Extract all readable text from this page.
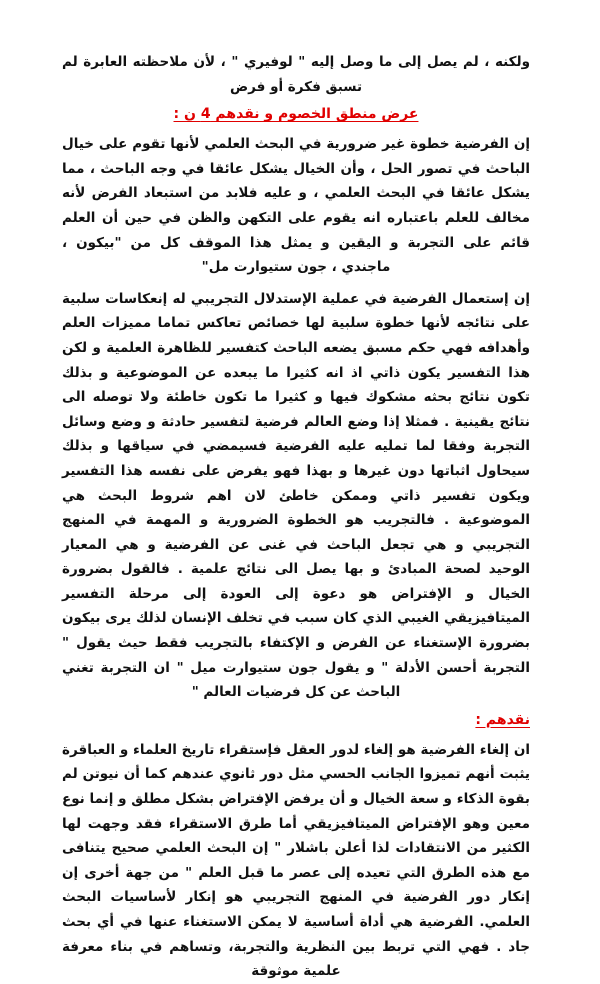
ولكنه ، لم يصل إلى ما وصل إليه " لوفيري " ، لأن ملاحظته العابرة لم تسبق فكرة أو فرض

عرض منطق الخصوم و نقدهم 4 ن :

إن الفرضية خطوة غير ضرورية في البحث العلمي لأنها تقوم على خيال الباحث في تصور الحل ، وأن الخيال يشكل عائقا في وجه الباحث ، مما يشكل عائقا في البحث العلمي ، و عليه فلابد من استبعاد الفرض لأنه مخالف للعلم باعتباره انه يقوم على التكهن والظن في حين أن العلم قائم على التجربة و اليقين و يمثل هذا الموقف كل من "بيكون ، ماجندي ، جون ستيوارت مل"

إن إستعمال الفرضية في عملية الإستدلال التجريبي له إنعكاسات سلبية على نتائجه لأنها خطوة سلبية لها خصائص تعاكس تماما مميزات العلم وأهدافه فهي حكم مسبق يضعه الباحث كتفسير للظاهرة العلمية و لكن هذا التفسير يكون ذاتي اذ انه كثيرا ما يبعده عن الموضوعية و بذلك تكون نتائج بحثه مشكوك فيها و كثيرا ما تكون خاطئة ولا توصله الى نتائج يقينية . فمثلا إذا وضع العالم فرضية لتفسير حادثة و وضع وسائل التجربة وفقا لما تمليه عليه الفرضية فسيمضي في سياقها و بذلك سيحاول اثباتها دون غيرها و بهذا فهو يفرض على نفسه هذا التفسير ويكون تفسير ذاتي وممكن خاطئ لان اهم شروط البحث هي الموضوعية . فالتجريب هو الخطوة الضرورية و المهمة في المنهج التجريبي و هي تجعل الباحث في غنى عن الفرضية و هي المعيار الوحيد لصحة المبادئ و بها يصل الى نتائج علمية . فالقول بضرورة الخيال و الإفتراض هو دعوة إلى العودة إلى مرحلة التفسير الميتافيزيقي الغيبي الذي كان سبب في تخلف الإنسان لذلك يرى بيكون بضرورة الإستغناء عن الفرض و الإكتفاء بالتجريب فقط حيث يقول " التجربة أحسن الأدلة " و يقول جون ستيوارت ميل " ان التجربة تغني الباحث عن كل فرضيات العالم "

نقدهم :

ان إلغاء الفرضية هو إلغاء لدور العقل فإستقراء تاريخ العلماء و العباقرة يثبت أنهم تميزوا الجانب الحسي مثل دور ثانوي عندهم كما أن نيوتن لم بقوة الذكاء و سعة الخيال و أن يرفض الإفتراض بشكل مطلق و إنما نوع معين وهو الإفتراض الميتافيزيقي أما طرق الاستقراء فقد وجهت لها الكثير من الانتقادات لذا أعلن باشلار " إن البحث العلمي صحيح يتنافى مع هذه الطرق التي تعيده إلى عصر ما قبل العلم " من جهة أخرى إن إنكار دور الفرضية في المنهج التجريبي هو إنكار لأساسيات البحث العلمي. الفرضية هي أداة أساسية لا يمكن الاستغناء عنها في أي بحث جاد . فهي التي تربط بين النظرية والتجربة، وتساهم في بناء معرفة علمية موثوقة
